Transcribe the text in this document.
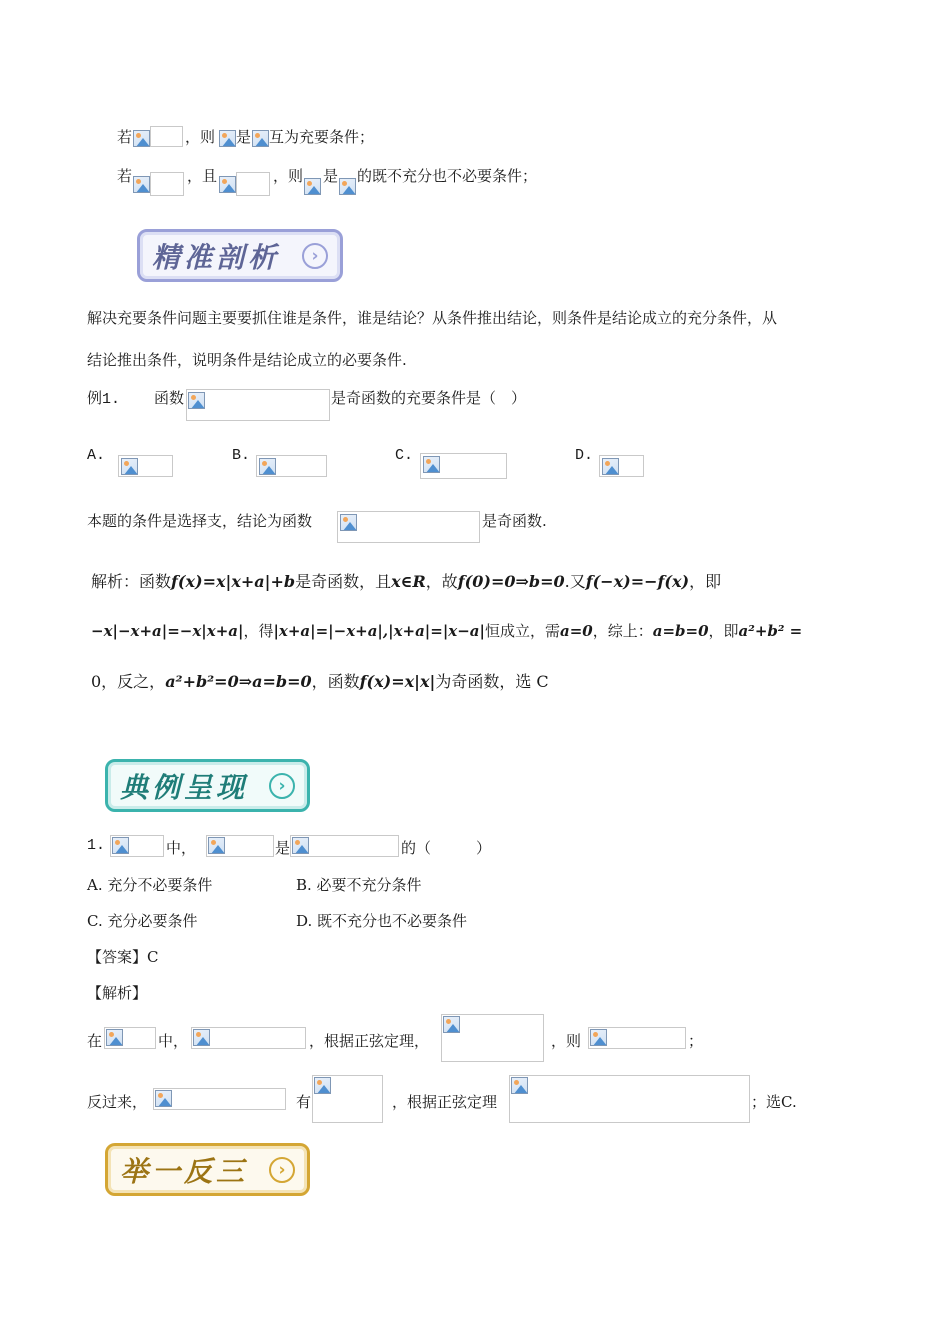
若	，则 是 互为充要条件；
若	，且	，则 是 的既不充分也不必要条件；
精准剖析	›
解决充要条件问题主要要抓住谁是条件，谁是结论？从条件推出结论，则条件是结论成立的充分条件，从
结论推出条件，说明条件是结论成立的必要条件.
例1. 函数	是奇函数的充要条件是（　）
A.	B.	C.	D.
本题的条件是选择支，结论为函数	是奇函数.
解析：函数f(x)=x|x+a|+b是奇函数，且x∈R，故f(0)=0⇒b=0.又f(−x)=−f(x)，即
−x|−x+a|=−x|x+a|，得|x+a|=|−x+a|,|x+a|=|x−a|恒成立，需a=0，综上：a=b=0，即a²+b² =
0，反之，a²+b²=0⇒a=b=0，函数f(x)=x|x|为奇函数，选 C
典例呈现	›
1.	中，	是	的（　　　）
A. 充分不必要条件	B. 必要不充分条件
C. 充分必要条件	D. 既不充分也不必要条件
【答案】C
【解析】
在	中，	，根据正弦定理，	，则	；
反过来，	有	，根据正弦定理	；选C.
举一反三	›
